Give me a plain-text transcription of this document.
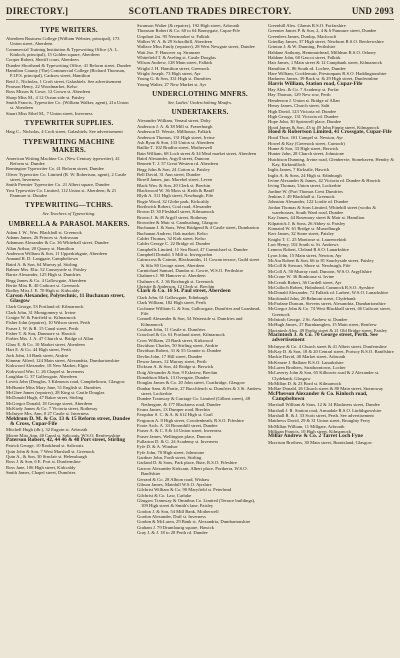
DIRECTORY.]	SCOTLAND TRADES DIRECTORY.	UND 2093
TYPE WRITERS.
Aberdeen Business College (William Webster, principal), 173 Union street, Aberdeen
Commercial Training Institution & Typewriting Office (A. L. Kinloch, principal), 15 Golden square, Aberdeen
Cooper Robert, Sheriff court, Aberdeen
Dundee Shorthand & Typewriting Office, 41 Reform street, Dundee
Hamilton County (The) Commercial College (Richard Thomson, F.I.P.S. principal), Cadzow street, Hamilton
Reid J., Nicholas, 1 Croft street, Galashiels. See advertisement
Pearson Henry, 22 Woodmarket, Kelso
Ross Misses & Cowe, 12 Crown st. Aberdeen
Sharp Miss M., 4 12 Ocean side st. Paisley
Smith Francis, Typewriter Co. (William Walker, agent), 21a Union st. Aberdeen
Stuart Miss Ethel M., 7 Union street, Inverness
TYPEWRITER SUPPLIES.
Haig C., Nicholas, 4 Croft street, Galashiels. See advertisement
TYPEWRITING MACHINE MAKERS.
American Writing Machine Co. (New Century typewriter), 41 Reform st. Dundee
Remington Typewriter Co. 41 Reform street, Dundee
Oliver Typewriter Co. Limited (R. W. Robertson, agent), 2 Castle street, Inverness
Smith Premier Typewriter Co. 21 Albert square, Dundee
Yost Typewriter Co. Limited, 112 Union st. Aberdeen; & 21 Panmure st. Dundee
TYPEWRITING—TCHRS.
See Teachers of Typewriting.
UMBRELLA & PARASOL MAKERS.
Adam J. W., Wm. Blackhall st. Greenock
Adams James, 26 Princes st. Ardrossan
Adamson Alexander & Co. 36 Whitehall street, Dundee
Allan Arthur, 20 Quarry st. Hamilton
Anderson William & Son, 11 Upperkirkgate, Aberdeen
Annand R. D. Langgate, Campbeltown
Baird A. & Son, 64 Murray pl. Stirling
Balmer Mrs. Eliz. 52 Causeyside st. Paisley
Barrie Alexander, 125 High st. Dumfries
Begg James & Co. 4 Gallowgate, Aberdeen
Bertie Miss B. 40 Cathcart st. Greenock
Bodley Miss J. E. 70 High st. Kirkcaldy
Carson Alexander, Polytechnic, 11 Buchanan street, Glasgow
Clark George, 53 Portland rd. Kilmarnock
Clark John, 31 Montgomery st. Irvine
Craigie W. & Fairfield st. Kilmarnock
Fisher John (repairer), 10 Wilson street, Perth
Fraser J. W. & R. 15 Canal street, Perth
Fisher T. & Son, Dunmore st. Hawick
Forbes Mrs. J. A. 47 Church st. Bridge of Allan
Glass E. & Co. 10 Market street, Aberdeen
Hart E. & Co. 44 High street, Perth
Jack John, 14 Bank street, Airdrie
Kinnear Alfred, 124 Main street, Alexandria, Dumbartonshire
Kirkwood Alexander, 18 New Market, Elgin
Kirkwood Wm. C. 26 Chapel st. Inverness
Laughlan G. 37 Gallowgate, Aberdeen
Lovett John (Douglas, 3 Kilmours road, Campbeltown, Glasgow
McBurnie Miss Mary Jane, 51 English st. Dumfries
McGhee James (repairer), 28 King st. Castle Douglas
McDonald Hugh, 47 Baker street, Stirling
McGregor Donald, 18 George street, Aberdeen
McKirdy James & Co. 7 Victoria street, Rothesay
McIntyre Mrs. Ann, 8 27 Castle st. Inverness
Meldrum D. M. & Co. 13 & 15 Reform street, Dundee & Cross, Cupar-Fife
Mitchell Hugh (dlr.), 32 Eugoin st. Arbroath
Moore Miss Ann, 40 Canal st. Saltcoats, W.S.O, Renfrewshire
Paterson Robert, 42, 44 46 & 48 Port street, Stirling
Patrick George, 10 Rookhead st. Saltcoats
Quin John & Son, 7 West Marshall st. Greenock
Quin A., & Son, 30 Sinclair st. Helensburgh
Ross J. & Son, 6 E. Port st. Dunfermline
Ross Jane, 106 High street, Kirkcaldy
Smith James, Chapel street, Dumfries
Swanson Walter (& repairer), 192 High street, Arbroath
Thomson Robert & Co. 60 to 64 Bonnygate, Cupar-Fife
Urquhart Jas. 95 Newmarket st. Falkirk
Walker W. A. & 29 Schoolhill, Aberdeen
Wallace Miss Emily (repairer), 28 West Newgate street, Dundee
Watt Jno. F. Hanover sq. Stranraer
Whitefield T. & Aveling st. Castle Douglas
Wilson Andrew, 128 Main street, Falkirk
Wright J. H. Hamilton street, Greenock
Wright Joseph, 73 High street, Ayr
Young G. & Son, 331 High st. Dumfries
Young Walter, 27 New Market st. Ayr
UNDERCLOTHING MNFRS.
See Ladies' Underclothing Mnufrs.
UNDERTAKERS.
Alexander William, Venaul street, Doby
Anderson J. A. & 38 Mill st. Fraserburgh
Anderson D. Wessie, Millhouse, Falkirk
Anderson Thomas, 131 High street, Irvine
Ash Ryan & Son, 133 Union st. Aberdeen
Baillie T. 102 Bradfor street, Motherwell
Bain William, 68 Loch street & 34 Meal market street, Aberdeen
Baird Alexander, Argyll street, Dunoon
Bennett T. J. 57 Great Western rd. Aberdeen
Begg John & Son, 24 Cotton st. Paisley
Bell David, 31 Ann street, Dundee
Birrell James, jun. Morebel street, Leven
Black Wm. & Son, 20 Clerk st. Brechin
Blackwood W. 36 Moss st. Keith & Banff
Blyth A. 311 High street, Newburgh, Fife
Bogie Wood, 32 Globe park, Kirkcaldy
Borthwick Robert, Coal road, Alexander
Brown D. 30 Fleshhall street, Kilmarnock
Brown J. & 49 Argyll street, Rothesay
Brownlee & Muir st. Cambuslang, Glasgow
Buchanan J. & Sons, West Bridgend & 4 Castle street, Dumbarton
Buchanan Andrew, Oak market, Kelso
Calder Thomas, 32 Kirk street, Kelso
Calder George C. 22 Bridge rd. Dundee
Campbells Limited, 11 Sea Road, 47 Carmichael st. Dundee
Campbell Donald, 5 Mill st. Invergordon
Cairncross & Cairnie, Blacksmiths, 11 Cowan terrace, Guild street & Silo 80 George street, Aberdeen
Carmichael Samuel, Dundas st. Cowie, W.S.O. Perthshire
Chalmers J. 98 Hanover st. Aberdeen
Chalmers A. J. 36 Roxburgh st. Greenock
Christie & Anderson, 12 Clerk st. Brechin
Clark & Co. 16 St. Paul street, Aberdeen
Clark John, 61 Gallowgate, Edinburgh
Clark William, 182 High street, Perth
Cochrane William G. & Son, Gallowgate, Dumfries and Loanhead, Fife
Connell Alexander & Son, 54 Waterside st. Dumfries and Kilmarnock
Coulson John, 11 Castle st. Dumfries
Crawford & Co. 61 Portland street, Kilmarnock
Crow William, 23 Bank street, Kirkwood
Davidson Charles, 50 Stirling street, Airdrie
Davidson Robert, 31 & 55 Granite st. Dundee
Devlin John, 17 Hill street, Dundee
Dewar James, 12 Murray street, Perth
Dickson A. & Son, 44 Bridge st. Berwick
Doig Alexander & Son, 9 Eskview, Brechin
Donaldson Mark, 13 Overgate, Dundee
Douglas James & Co. 20 John street, Coatbridge, Glasgow
Dunbar Sam. & Partie, 27 Bucchleuch st. Dumfries & 3 St. Andrew street, Lockerbie
Dundee Tramway & Carriage Co. Limited (Gilbert street), 48 Nethergate, & 177 Blackness road, Dundee
Evans James, 13 Dumper road, Brechin
Farquhar S. C. & A. & 612 High st. Crail
Ferguson A. 8 High street, Cowdenbeath, R.S.O. Fifeshire
Foote Arch. A. 33 Broomhill street, Dundee
Fraser A. & C. 8 & 14 Union street, Inverness
Fraser James, Wellington place, Dunoon
Fullarton D. & G. 24 Academy st. Inverness
Fyfe D. & A. Windsor
Fyfe John, 70 High street, Johnstone
Gardner John, Forth street, Stirling
Garland D. & Sons, Park place, Bute, R.S.O. Fifeshire
Garrow Alexander Kirkcam, Albert place, Portkerra, W.S.O. Banffshire
Gerrard & Co. 28 Albion road, Wishaw
Gibson James, Mainhill W.S.O. Ayrshire
Gilchrist William & Co. 90 Maryfield st. Peterhead
Gilchrist & Co. Law, Carluke
Glasgow Tramway & Omnibus Co. Limited (Terrace buildings), 109 High street & Smith's lane, Paisley
Gordon J. & Son, 54 Mill Bank, Motherwell
Gordon Alexander, Duff st. Inverness
Gordon & McLaren, 29 Bank st. Alexandria, Dumbartonshire
Graham J. 79 Drumlaurig square, Hawick
Gray J. & J. 18 to 28 Perth rd. Dundee
Greenhill Alex. Glamis R.S.O. Forfarshire
Greenier James P. & Son, 2, 4 & 6 Panmure street, Dundee
Greenlees James, Dunlop, Machcroft
Grindlay James, 37 High street, Newburn R.S.O. Renfrewshire
Grinton J. & W. Dunning, Perthshire
Haldane Anthony, Hemmuirhead, Milldean R.S.O. Orkney
Haldane John, 60 Gascoi street, Falkirk
Hair James, 1 Main street & 12 Campbank street, Kilmarnock
Hamilton A. 86 South rd. Lochee, Dundee
Hare William, Cocklemuir, Prestonpans R.S.O. Haddingtonshire
Harkness James, 39 Back st. & 29 High street, Dunfermline
Harris William, Station road, Cupar-Fife
Hay Alex. & Co. 7 Academy st. Forfar
Hay Thomas, 129 New row, Perth
Henderson J. Union st. Bridge of Allan
Henry James, Church street, Saltt
High David, 123 Victoria rd. Dundee
High George, 131 Victoria rd. Dundee
Hope John, 30 Sprinwell place, Dundee
Hood James & Son, 43 to 49 John Finnie street, Kilmarnock
Hood & Robertson Limited, 41 Crossgate, Cupar-Fife
Hood Thos. 101 Campel st. Newton, Ayr
Howel & Kay (Greenock street, Carnoch)
Hume & Son, 33 High street, Berwick
Hunter John, 28 Church street, Johnstone
Hutchison Dunning, Irvine road, Glenbervie, Stonehaven, Hendry & Kay, Kirkintilloch
Inglis James, 7 Kirkstile, Hawick
Inglis A. & Sons, 24 High st. Edinburgh
Irvine Alexander & James, 42 Victoria rd. Dundee & Hawick
Irving Thomas, Union street, Lockerbie
Jardine W. (Port Thomas Crest Dumfries
Jenkins J. 49 Blackhall st. Greenock
Johnston Alexander, 122 Lordie rd. Dundee
Jordan Thomas & Sons Limited, Whitehill street (works & warehouses, South Ward road, Dundee
Kay James, 44 Rosemary street & Mair st. Hamilton
Kilpatrick J. & Sons, 26 Abbey st. Paisley
Kinnaird W. 61 Bridge st. Musselburgh
Kerr James, 32 Stone street, Paisley
Knight T. C. 25 Montrose st. Laurencekirk
Law Henry, 102 South st. St. Andrews
Lennox Robert, Cleland R.S.O. Lanarkshire
Lyon John, 15 Main street, Newton, Ayr
McAra Robert & Son, 66 to 81 Sauchyside street, Paisley
McColl & Stewart, Shore st. Newburgh, Fife
McColl A. 50 Murray road, Dunoon, W.S.O. Argyllshire
McCrone W. 36 Bonhouse st. Irvine
McCreath Robert, 36 Cardell street, Ayr
McCulloch Robert, Holmhead, Cumnock R.S.O. Ayrshire
McDonald Alexander, 72 Falkirk rd. Larbert, W.S.O. Lanarkshire
Macdonald John, 20 Belmont street, Clydebank
McFarlane Duncan, Stevens street, Alexandria, Dumbartonshire
McGregor John & Co. 74 West Blackhall street, 46 Cathcart street, Greenock
McIntosh George, 2 St. Andrew st. Dundee
McHugh James, 27 Burnhamglen, 15 Main street, Renfrew
Macintosh Alex. 49 Poplar street & 21 Old Bridge street, Paisley
Macintosh J. & Co. 70 George street, Perth. See advertisement
McIntyre & Co. 4 Church street & 41 Albert street, Dunfermline
McKay D. & Son, 18 & 20 Central street, Portsoy R.S.O. Banffshire
Mackie David, 40 Market street, Arbroath
McKenzie J. Ballater R.S.O. Lanarkshire
McLaren Brothers, Strathorntown, Locher
McLaverty John & Son, 65 Kilbowie road & 2 Alexander st. Clydebank, Glasgow
McMillan D. & 23 Bord st. Kilmarnock
McRae Donald, 26 Church street & 80 Main street, Stornoway
McPherson Alexander & Co. Kinloch road, Campbeltown
Marshall William & Sons, 12 & 14 Blackness street, Dundee
Marshall J. R. Station road, Armadale R.S.O. Linlithgowshire
Marshall R. & J. 33 Scott street, Perth. See advertisement
Matthews David, 29 & 31 Union street, Broughty Ferry
McMillan William, 11 Millgate, Arbroath
Milligan Francis, 10 High street, Kilmarnock
Millar Andrew & Co. 2 Tarret Loch Fyne
Morrison Brothers, 30 Main street, Burntsland, Glasgow
